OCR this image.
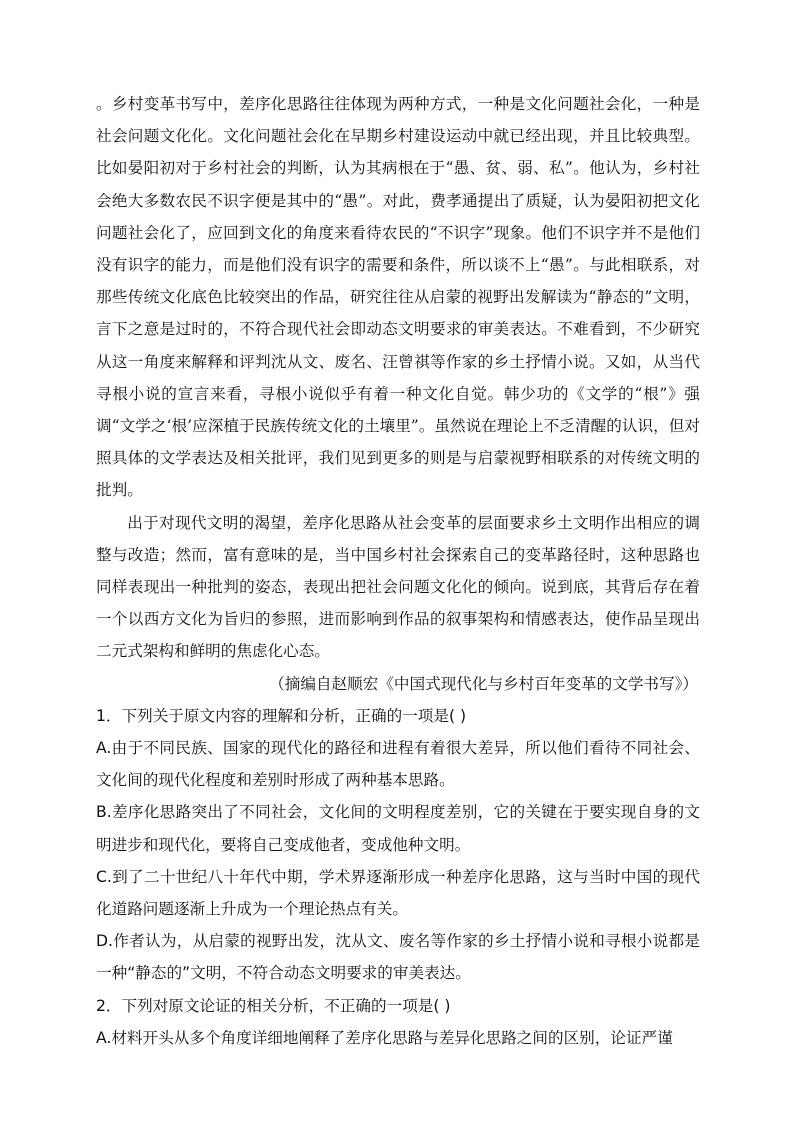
。乡村变革书写中，差序化思路往往体现为两种方式，一种是文化问题社会化，一种是社会问题文化化。文化问题社会化在早期乡村建设运动中就已经出现，并且比较典型。比如晏阳初对于乡村社会的判断，认为其病根在于“愚、贫、弱、私”。他认为，乡村社会绝大多数农民不识字便是其中的“愚”。对此，费孝通提出了质疑，认为晏阳初把文化问题社会化了，应回到文化的角度来看待农民的“不识字”现象。他们不识字并不是他们没有识字的能力，而是他们没有识字的需要和条件，所以谈不上“愚”。与此相联系，对那些传统文化底色比较突出的作品，研究往往从启蒙的视野出发解读为“静态的”文明，言下之意是过时的，不符合现代社会即动态文明要求的审美表达。不难看到，不少研究从这一角度来解释和评判沈从文、废名、汪曾祺等作家的乡土抒情小说。又如，从当代寻根小说的宣言来看，寻根小说似乎有着一种文化自觉。韩少功的《文学的“根”》强调“文学之‘根’应深植于民族传统文化的土壤里”。虽然说在理论上不乏清醒的认识，但对照具体的文学表达及相关批评，我们见到更多的则是与启蒙视野相联系的对传统文明的批判。

出于对现代文明的渴望，差序化思路从社会变革的层面要求乡土文明作出相应的调整与改造；然而，富有意味的是，当中国乡村社会探索自己的变革路径时，这种思路也同样表现出一种批判的姿态，表现出把社会问题文化化的倾向。说到底，其背后存在着一个以西方文化为旨归的参照，进而影响到作品的叙事架构和情感表达，使作品呈现出二元式架构和鲜明的焦虑化心态。

（摘编自赵顺宏《中国式现代化与乡村百年变革的文学书写》）

1．下列关于原文内容的理解和分析，正确的一项是( )

A.由于不同民族、国家的现代化的路径和进程有着很大差异，所以他们看待不同社会、文化间的现代化程度和差别时形成了两种基本思路。

B.差序化思路突出了不同社会，文化间的文明程度差别，它的关键在于要实现自身的文明进步和现代化，要将自己变成他者，变成他种文明。

C.到了二十世纪八十年代中期，学术界逐渐形成一种差序化思路，这与当时中国的现代化道路问题逐渐上升成为一个理论热点有关。

D.作者认为，从启蒙的视野出发，沈从文、废名等作家的乡土抒情小说和寻根小说都是一种“静态的”文明，不符合动态文明要求的审美表达。

2．下列对原文论证的相关分析，不正确的一项是( )

A.材料开头从多个角度详细地阐释了差序化思路与差异化思路之间的区别，论证严谨
